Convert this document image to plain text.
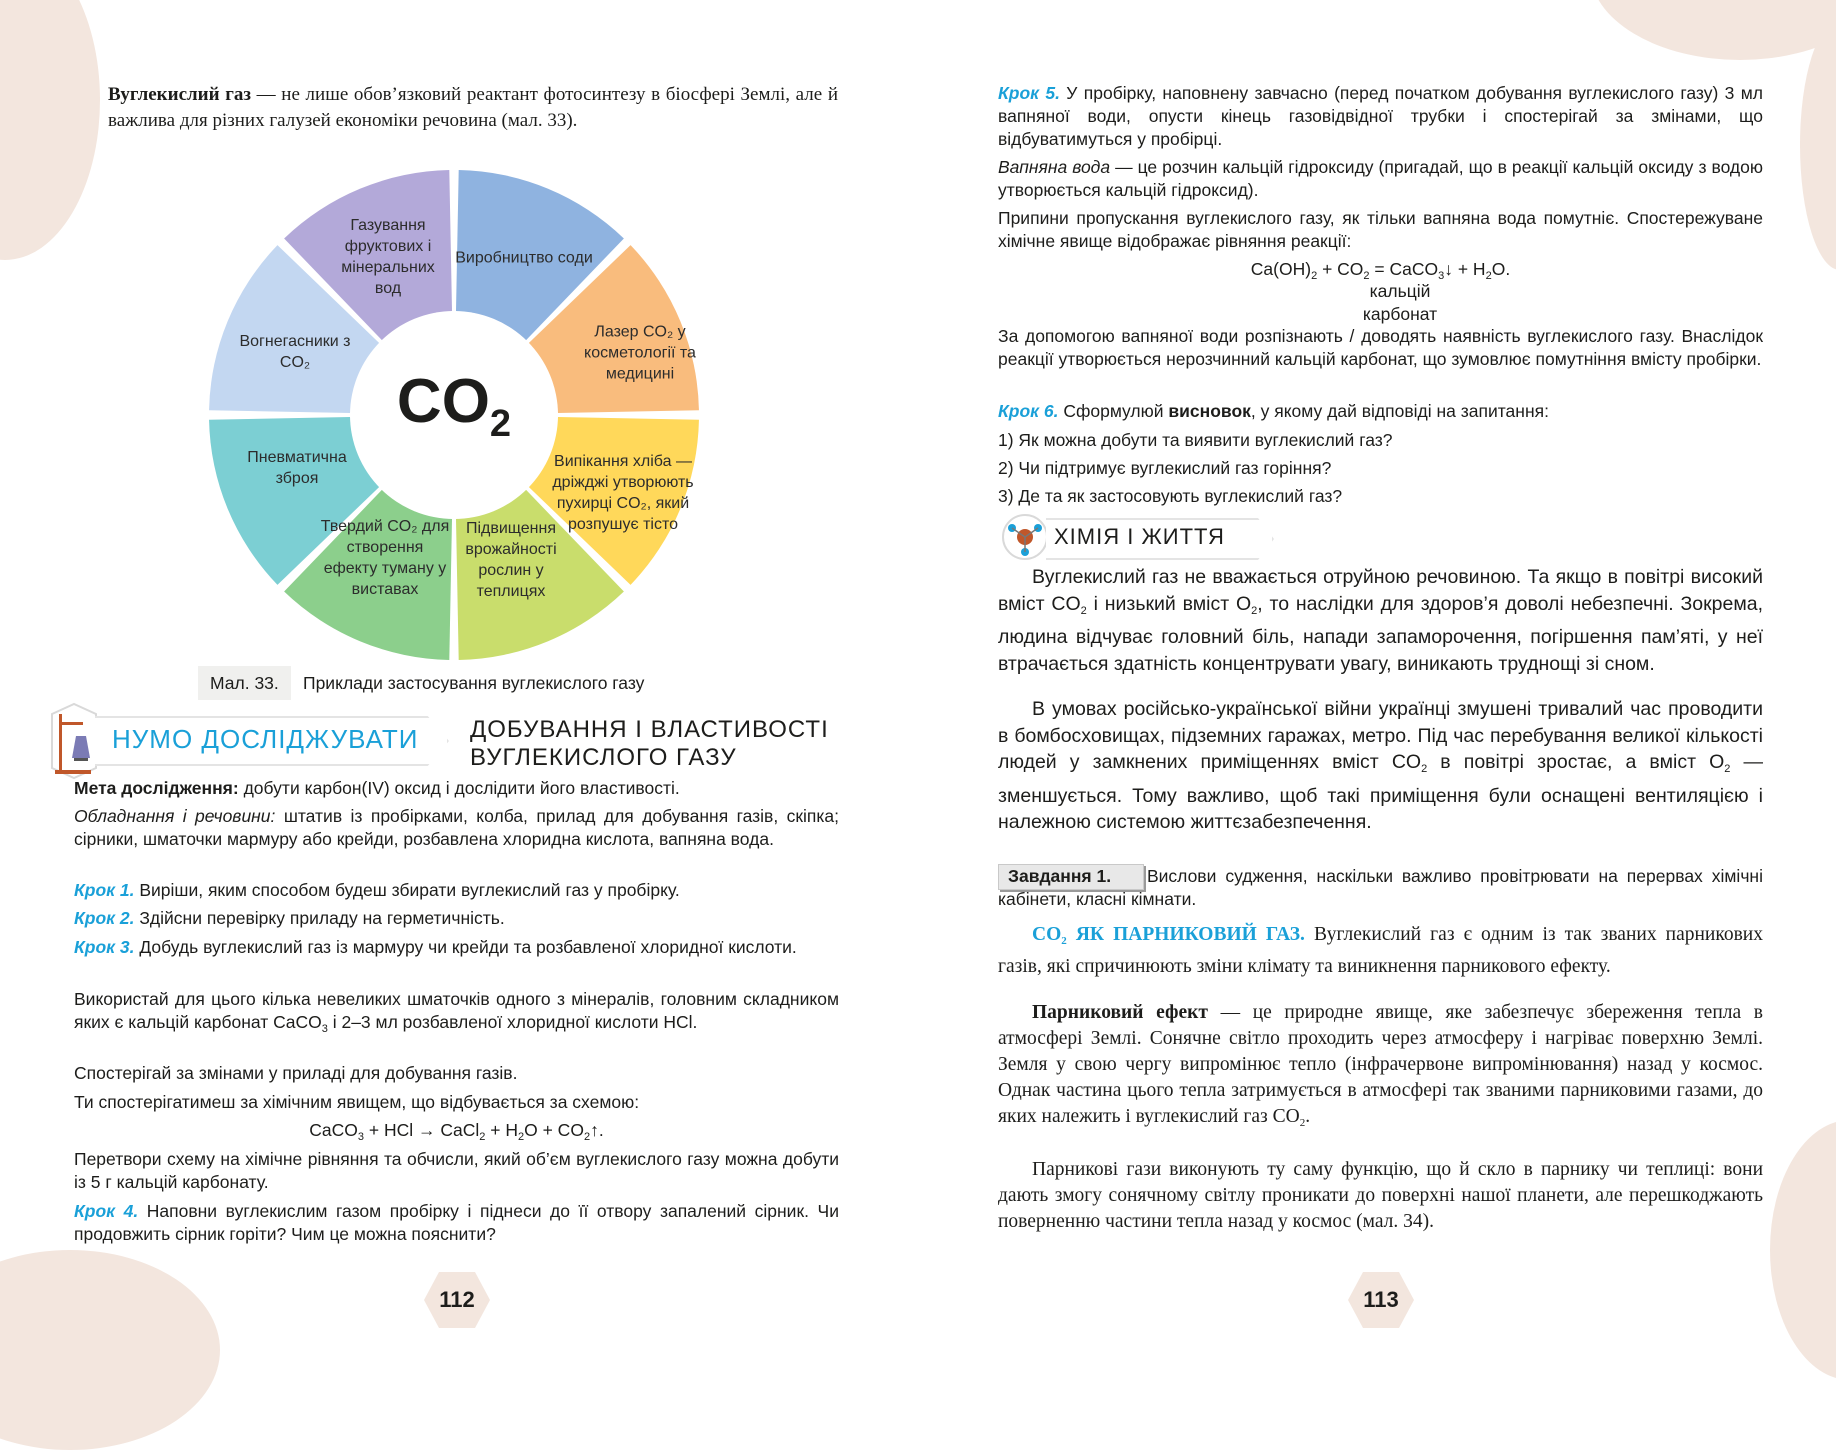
Вуглекислий газ — не лише обов’язковий реактант фотосинтезу в біосфері Землі, але й важлива для різних галузей економіки речовина (мал. 33).

$CO_2$
Виробництво соди
Лазер CO₂ у косметології та медицині
Випікання хліба — дріжджі утворюють пухирці CO₂, який розпушує тісто
Підвищення врожайності рослин у теплицях
Твердий CO₂ для створення ефекту туману у виставах
Пневматична зброя
Вогнегасники з CO₂
Газування фруктових і мінеральних вод
Мал. 33.	Приклади застосування вуглекислого газу
НУМО ДОСЛІДЖУВАТИ ДОБУВАННЯ І ВЛАСТИВОСТІ
ВУГЛЕКИСЛОГО ГАЗУ

Мета дослідження: добути карбон(IV) оксид і дослідити його властивості.

Обладнання і речовини: штатив із пробірками, колба, прилад для добування газів, скіпка; сірники, шматочки мармуру або крейди, розбавлена хлоридна кислота, вапняна вода.

Крок 1. Виріши, яким способом будеш збирати вуглекислий газ у пробірку.

Крок 2. Здійсни перевірку приладу на герметичність.

Крок 3. Добудь вуглекислий газ із мармуру чи крейди та розбавленої хлоридної кислоти.

Використай для цього кілька невеликих шматочків одного з мінералів, головним складником яких є кальцій карбонат CaCO$_3$ і 2–3 мл розбавленої хлоридної кислоти HCl.

Спостерігай за змінами у приладі для добування газів.

Ти спостерігатимеш за хімічним явищем, що відбувається за схемою:

CaCO$_3$ + HCl → CaCl$_2$ + $H_2O$ + $CO_2↑$.

Перетвори схему на хімічне рівняння та обчисли, який об’єм вуглекислого газу можна добути із 5 г кальцій карбонату.

Крок 4. Наповни вуглекислим газом пробірку і піднеси до її отвору запалений сірник. Чи продовжить сірник горіти? Чим це можна пояснити?

112

Крок 5. У пробірку, наповнену завчасно (перед початком добування вуглекислого газу) 3 мл вапняної води, опусти кінець газовідвідної трубки і спостерігай за змінами, що відбуватимуться у пробірці.

Вапняна вода — це розчин кальцій гідроксиду (пригадай, що в реакції кальцій оксиду з водою утворюється кальцій гідроксид).

Припини пропускання вуглекислого газу, як тільки вапняна вода помутніє. Спостережуване хімічне явище відображає рівняння реакції:

$Ca(OH)_2 + CO_2$ = CaCO$_3$↓ + $H_2O$.
кальцій
карбонат

За допомогою вапняної води розпізнають / доводять наявність вуглекислого газу. Внаслідок реакції утворюється нерозчинний кальцій карбонат, що зумовлює помутніння вмісту пробірки.

Крок 6. Сформулюй висновок, у якому дай відповіді на запитання:

1) Як можна добути та виявити вуглекислий газ?

2) Чи підтримує вуглекислий газ горіння?

3) Де та як застосовують вуглекислий газ?

ХІМІЯ І ЖИТТЯ

Вуглекислий газ не вважається отруйною речовиною. Та якщо в повітрі високий вміст $CO_2$ і низький вміст $O_2$, то наслідки для здоров’я доволі небезпечні. Зокрема, людина відчуває головний біль, напади запаморочення, погіршення пам’яті, у неї втрачається здатність концентрувати увагу, виникають труднощі зі сном.

В умовах російсько-української війни українці змушені тривалий час проводити в бомбосховищах, підземних гаражах, метро. Під час перебування великої кількості людей у замкнених приміщеннях вміст $CO_2$ в повітрі зростає, а вміст $O_2$ — зменшується. Тому важливо, щоб такі приміщення були оснащені вентиляцією і належною системою життєзабезпечення.

Завдання 1. Вислови судження, наскільки важливо провітрювати на перервах хімічні кабінети, класні кімнати.

$CO_2$ ЯК ПАРНИКОВИЙ ГАЗ. Вуглекислий газ є одним із так званих парникових газів, які спричинюють зміни клімату та виникнення парникового ефекту.

Парниковий ефект — це природне явище, яке забезпечує збереження тепла в атмосфері Землі. Сонячне світло проходить через атмосферу і нагріває поверхню Землі. Земля у свою чергу випромінює тепло (інфрачервоне випромінювання) назад у космос. Однак частина цього тепла затримується в атмосфері так званими парниковими газами, до яких належить і вуглекислий газ $CO_2$.

Парникові гази виконують ту саму функцію, що й скло в парнику чи теплиці: вони дають змогу сонячному світлу проникати до поверхні нашої планети, але перешкоджають поверненню частини тепла назад у космос (мал. 34).

113
